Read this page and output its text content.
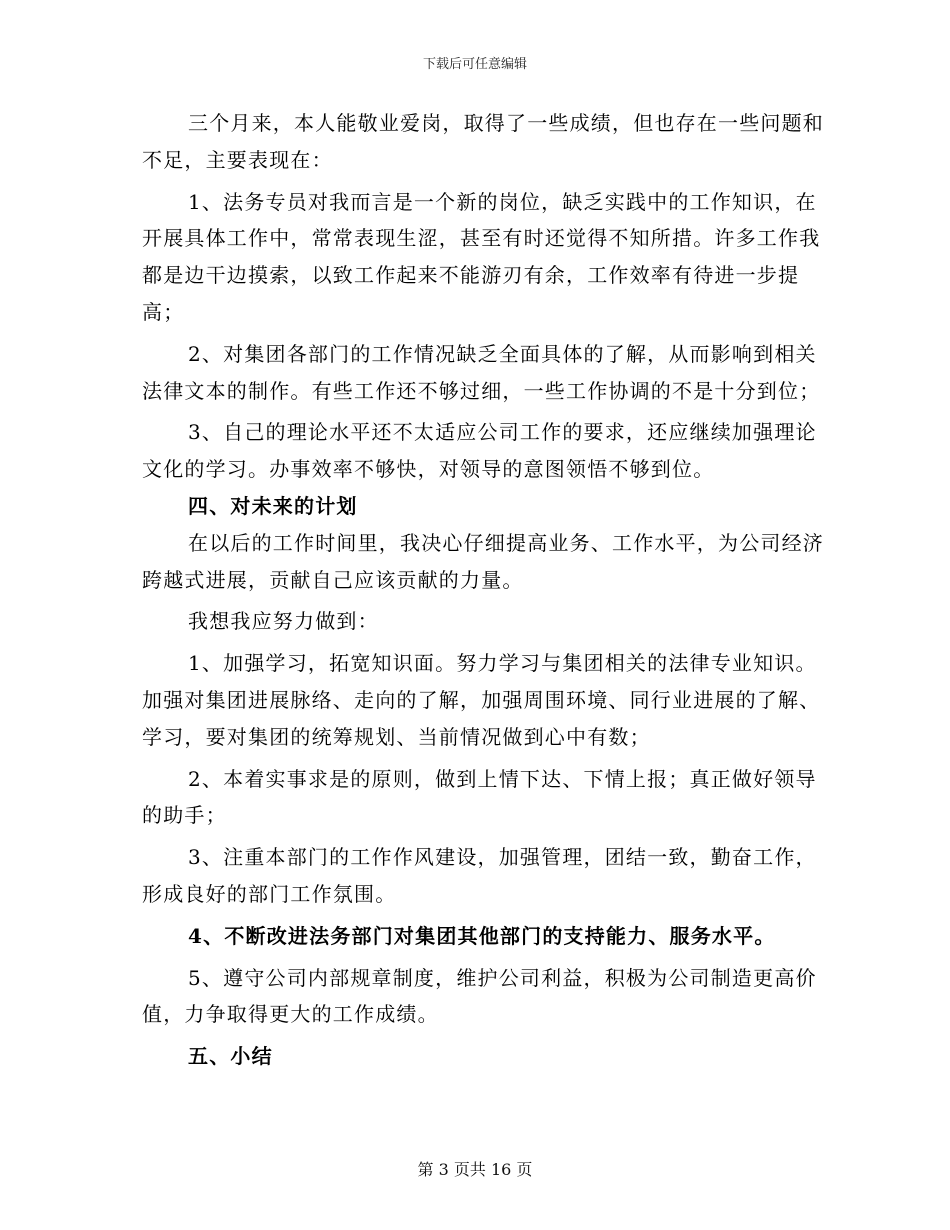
下载后可任意编辑

三个月来，本人能敬业爱岗，取得了一些成绩，但也存在一些问题和不足，主要表现在：

1、法务专员对我而言是一个新的岗位，缺乏实践中的工作知识，在开展具体工作中，常常表现生涩，甚至有时还觉得不知所措。许多工作我都是边干边摸索，以致工作起来不能游刃有余，工作效率有待进一步提高；

2、对集团各部门的工作情况缺乏全面具体的了解，从而影响到相关法律文本的制作。有些工作还不够过细，一些工作协调的不是十分到位；

3、自己的理论水平还不太适应公司工作的要求，还应继续加强理论文化的学习。办事效率不够快，对领导的意图领悟不够到位。

四、对未来的计划

在以后的工作时间里，我决心仔细提高业务、工作水平，为公司经济跨越式进展，贡献自己应该贡献的力量。

我想我应努力做到：

1、加强学习，拓宽知识面。努力学习与集团相关的法律专业知识。加强对集团进展脉络、走向的了解，加强周围环境、同行业进展的了解、学习，要对集团的统筹规划、当前情况做到心中有数；

2、本着实事求是的原则，做到上情下达、下情上报；真正做好领导的助手；

3、注重本部门的工作作风建设，加强管理，团结一致，勤奋工作，形成良好的部门工作氛围。

4、不断改进法务部门对集团其他部门的支持能力、服务水平。

5、遵守公司内部规章制度，维护公司利益，积极为公司制造更高价值，力争取得更大的工作成绩。

五、小结

第 3 页共 16 页
